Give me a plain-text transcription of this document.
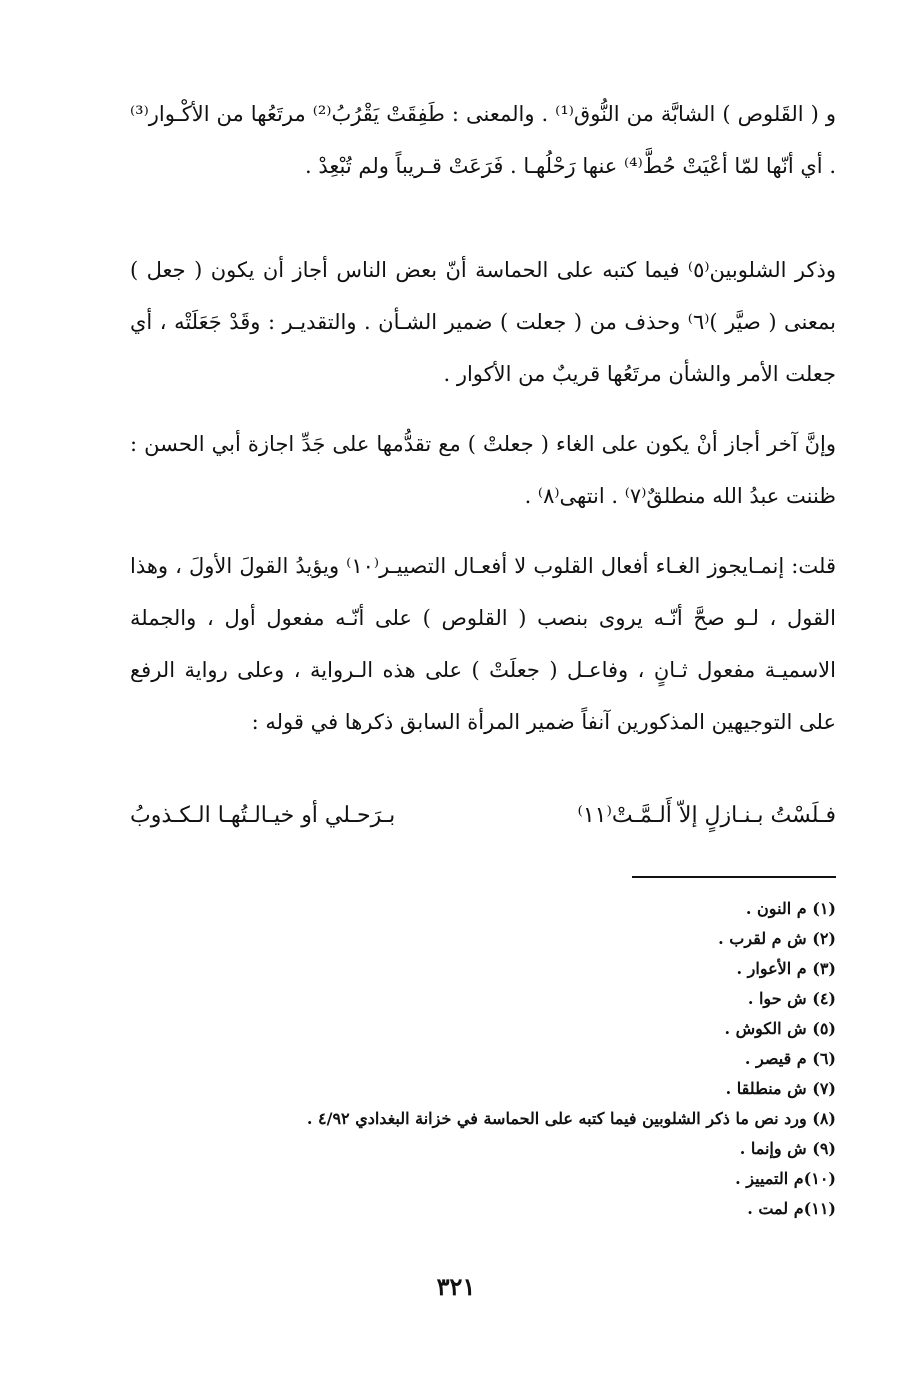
و ( القَلوص ) الشابَّة من النُّوق⁽¹⁾ . والمعنى : طَفِقَتْ يَقْرُبُ⁽²⁾ مرتَعُها من الأكْـوار⁽³⁾ . أي أنّها لمّا أعْيَتْ حُطَّ⁽⁴⁾ عنها رَحْلُهـا . فَرَعَتْ قـريباً ولم تُبْعِدْ .

وذكر الشلوبين⁽٥⁾ فيما كتبه على الحماسة أنّ بعض الناس أجاز أن يكون ( جعل ) بمعنى ( صيَّر )⁽٦⁾ وحذف من ( جعلت ) ضمير الشـأن . والتقديـر : وقَدْ جَعَلَتْه ، أي جعلت الأمر والشأن مرتَعُها قريبٌ من الأكوار .

وإنَّ آخر أجاز أنْ يكون على الغاء ( جعلتْ ) مع تقدُّمها على جَدِّ اجازة أبي الحسن : ظننت عبدُ الله منطلقٌ⁽٧⁾ . انتهى⁽٨⁾ .

قلت: إنمـايجوز الغـاء أفعال القلوب لا أفعـال التصييـر⁽١٠⁾ ويؤيدُ القولَ الأولَ ، وهذا القول ، لـو صحَّ أنّـه يروى بنصب ( القلوص ) على أنّـه مفعول أول ، والجملة الاسميـة مفعول ثـانٍ ، وفاعـل ( جعلَتْ ) على هذه الـرواية ، وعلى رواية الرفع على التوجيهين المذكورين آنفاً ضمير المرأة السابق ذكرها في قوله :

فـلَسْتُ بـنـازلٍ إلاّ أَلـمَّـتْ⁽١١⁾
بـرَحـلي أو خيـالـتُهـا الـكـذوبُ
(١) م النون .
(٢) ش م لقرب .
(٣) م الأعوار .
(٤) ش حوا .
(٥) ش الكوش .
(٦) م قيصر .
(٧) ش منطلقا .
(٨) ورد نص ما ذكر الشلوبين فيما كتبه على الحماسة في خزانة البغدادي ٤/٩٢ .
(٩) ش وإنما .
(١٠)م التمييز .
(١١)م لمت .
٣٢١
